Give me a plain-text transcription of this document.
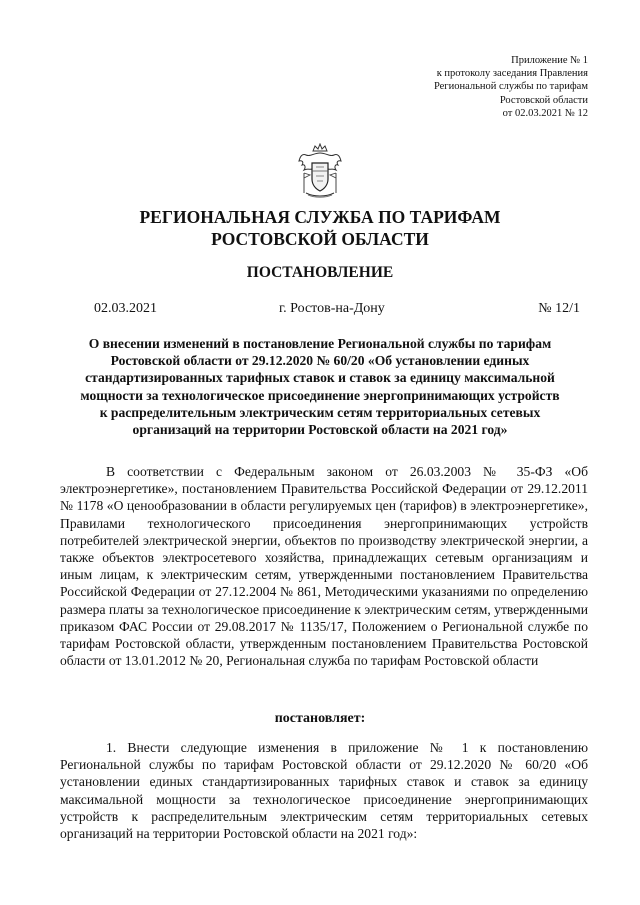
Приложение № 1
к протоколу заседания Правления
Региональной службы по тарифам
Ростовской области
от 02.03.2021 № 12
РЕГИОНАЛЬНАЯ СЛУЖБА ПО ТАРИФАМ
РОСТОВСКОЙ ОБЛАСТИ
ПОСТАНОВЛЕНИЕ
02.03.2021	г. Ростов-на-Дону	№ 12/1
О внесении изменений в постановление Региональной службы по тарифам
Ростовской области от 29.12.2020 № 60/20 «Об установлении единых
стандартизированных тарифных ставок и ставок за единицу максимальной
мощности за технологическое присоединение энергопринимающих устройств
к распределительным электрическим сетям территориальных сетевых
организаций на территории Ростовской области на 2021 год»
В соответствии с Федеральным законом от 26.03.2003 № 35-ФЗ «Об электроэнергетике», постановлением Правительства Российской Федерации от 29.12.2011 № 1178 «О ценообразовании в области регулируемых цен (тарифов) в электроэнергетике», Правилами технологического присоединения энергопринимающих устройств потребителей электрической энергии, объектов по производству электрической энергии, а также объектов электросетевого хозяйства, принадлежащих сетевым организациям и иным лицам, к электрическим сетям, утвержденными постановлением Правительства Российской Федерации от 27.12.2004 № 861, Методическими указаниями по определению размера платы за технологическое присоединение к электрическим сетям, утвержденными приказом ФАС России от 29.08.2017 № 1135/17, Положением о Региональной службе по тарифам Ростовской области, утвержденным постановлением Правительства Ростовской области от 13.01.2012 № 20, Региональная служба по тарифам Ростовской области
постановляет:
1. Внести следующие изменения в приложение № 1 к постановлению Региональной службы по тарифам Ростовской области от 29.12.2020 № 60/20 «Об установлении единых стандартизированных тарифных ставок и ставок за единицу максимальной мощности за технологическое присоединение энергопринимающих устройств к распределительным электрическим сетям территориальных сетевых организаций на территории Ростовской области на 2021 год»:
